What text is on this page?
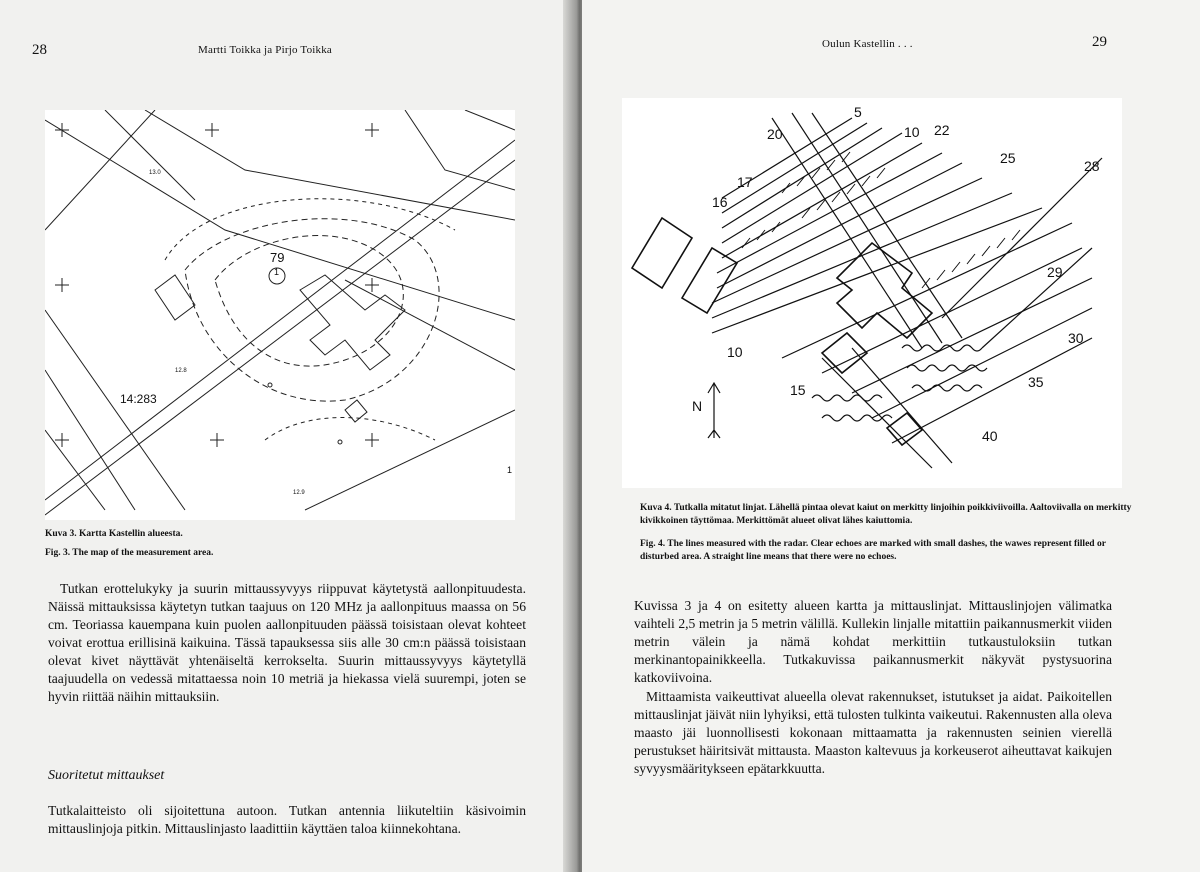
28	Martti Toikka ja Pirjo Toikka
79
1
14:283
12.8
12.9
13.0
1
Kuva 3. Kartta Kastellin alueesta.
Fig. 3. The map of the measurement area.

Tutkan erottelukyky ja suurin mittaussyvyys riippuvat käytetystä aallonpituudesta. Näissä mittauksissa käytetyn tutkan taajuus on 120 MHz ja aallonpituus maassa on 56 cm. Teoriassa kauempana kuin puolen aallonpituuden päässä toisistaan olevat kohteet voivat erottua erillisinä kaikuina. Tässä tapauksessa siis alle 30 cm:n päässä toisistaan olevat kivet näyttävät yhtenäiseltä kerrokselta. Suurin mittaussyvyys käytetyllä taajuudella on vedessä mitattaessa noin 10 metriä ja hiekassa vielä suurempi, joten se hyvin riittää näihin mittauksiin.

Suoritetut mittaukset

Tutkalaitteisto oli sijoitettuna autoon. Tutkan antennia liikuteltiin käsivoimin mittauslinjoja pitkin. Mittauslinjasto laadittiin käyttäen taloa kiinnekohtana.

Oulun Kastellin . . .	29
5
10
15
16
17
20	22
25	28
29
30
35
40
10
N
Kuva 4. Tutkalla mitatut linjat. Lähellä pintaa olevat kaiut on merkitty linjoihin poikkiviivoilla. Aaltoviivalla on merkitty kivikkoinen täyttömaa. Merkittömät alueet olivat lähes kaiuttomia.
Fig. 4. The lines measured with the radar. Clear echoes are marked with small dashes, the wawes represent filled or disturbed area. A straight line means that there were no echoes.

Kuvissa 3 ja 4 on esitetty alueen kartta ja mittauslinjat. Mittauslinjojen välimatka vaihteli 2,5 metrin ja 5 metrin välillä. Kullekin linjalle mitattiin paikannusmerkit viiden metrin välein ja nämä kohdat merkittiin tutkaustuloksiin tutkan merkinantopainikkeella. Tutkakuvissa paikannusmerkit näkyvät pystysuorina katkoviivoina.

Mittaamista vaikeuttivat alueella olevat rakennukset, istutukset ja aidat. Paikoitellen mittauslinjat jäivät niin lyhyiksi, että tulosten tulkinta vaikeutui. Rakennusten alla oleva maasto jäi luonnollisesti kokonaan mittaamatta ja rakennusten seinien vierellä perustukset häiritsivät mittausta. Maaston kaltevuus ja korkeuserot aiheuttavat kaikujen syvyysmääritykseen epätarkkuutta.
